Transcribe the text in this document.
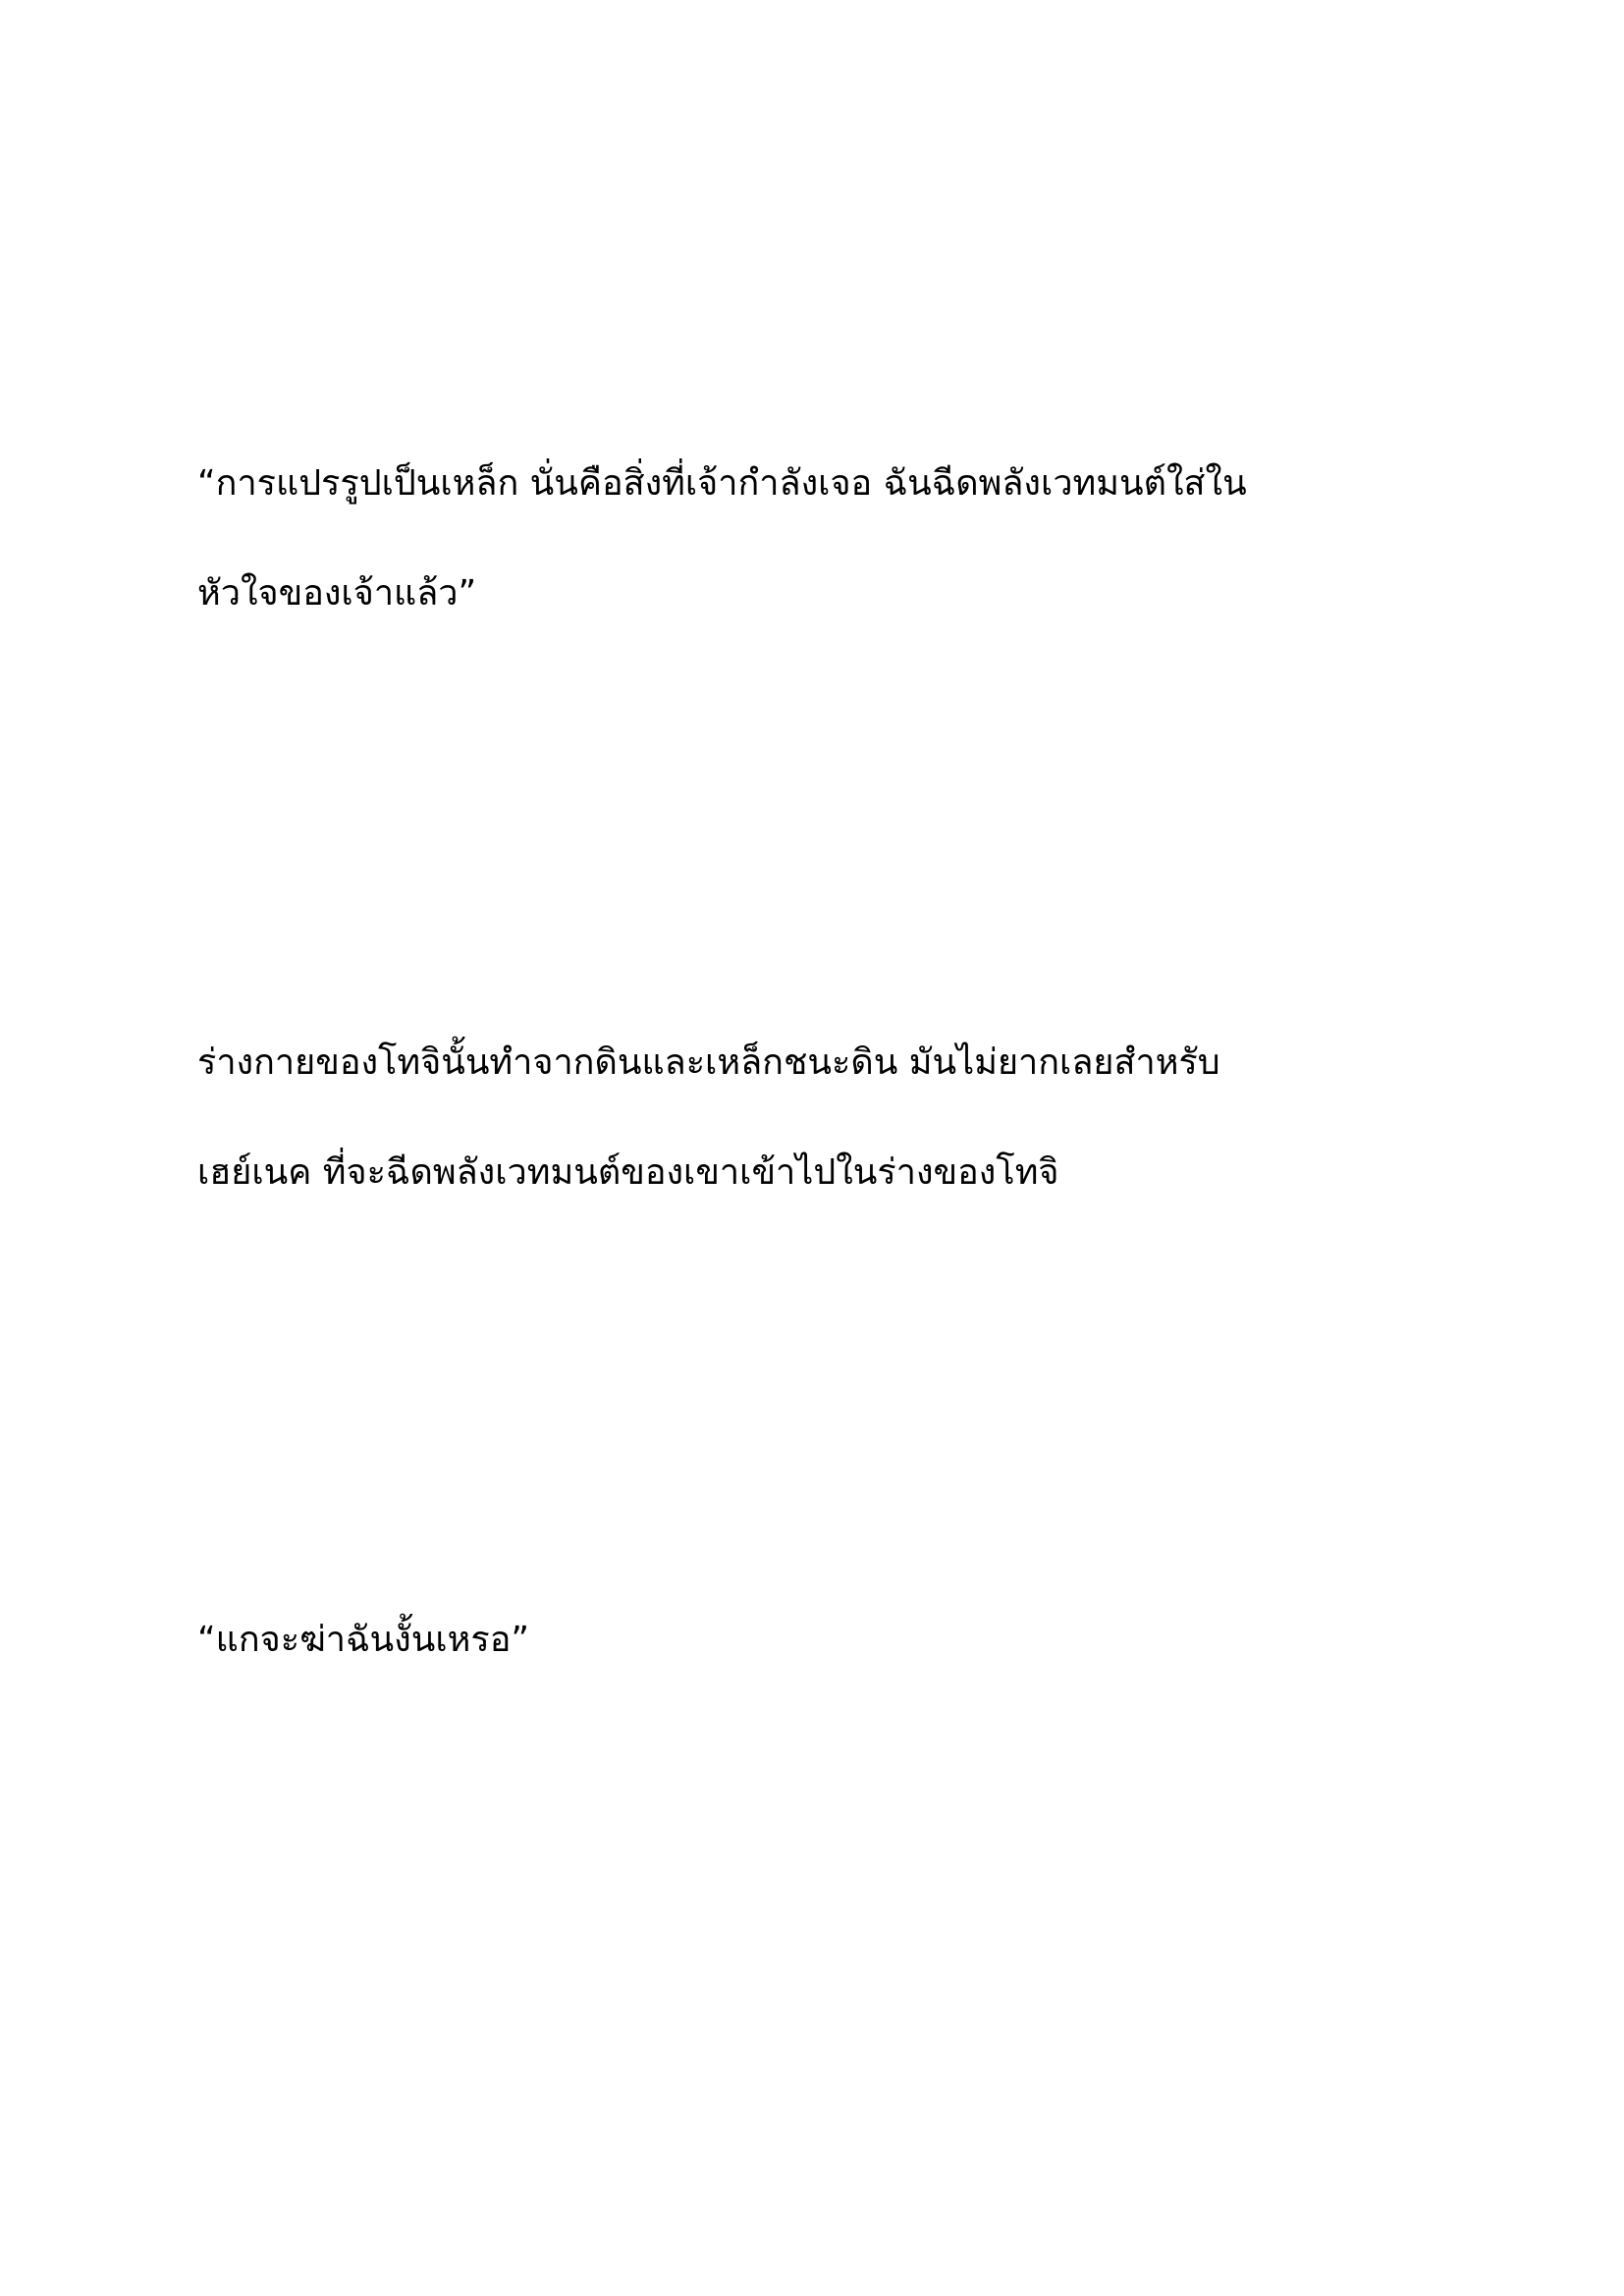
“การแปรรูปเป็นเหล็ก นั่นคือสิ่งที่เจ้ากำลังเจอ ฉันฉีดพลังเวทมนต์ใส่ใน
หัวใจของเจ้าแล้ว”
ร่างกายของโทจินั้นทำจากดินและเหล็กชนะดิน มันไม่ยากเลยสำหรับ
เฮย์เนค ที่จะฉีดพลังเวทมนต์ของเขาเข้าไปในร่างของโทจิ
“แกจะฆ่าฉันงั้นเหรอ”
